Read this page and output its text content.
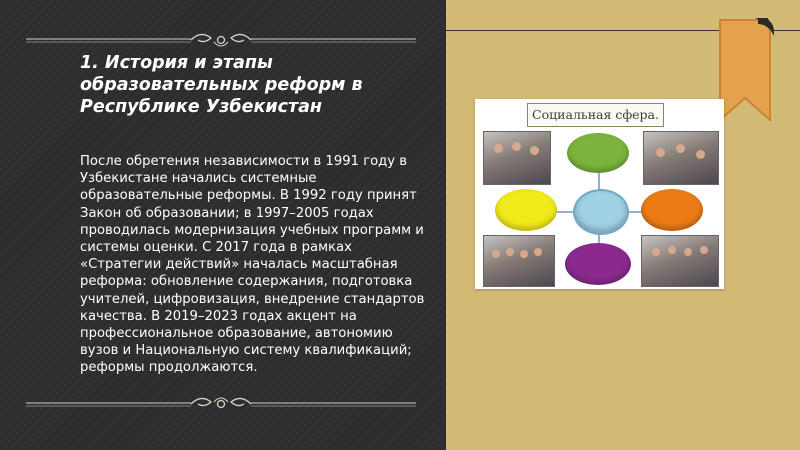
1. История и этапы образовательных реформ в Республике Узбекистан

После обретения независимости в 1991 году в Узбекистане начались системные образовательные реформы. В 1992 году принят Закон об образовании; в 1997–2005 годах проводилась модернизация учебных программ и системы оценки. С 2017 года в рамках «Стратегии действий» началась масштабная реформа: обновление содержания, подготовка учителей, цифровизация, внедрение стандартов качества. В 2019–2023 годах акцент на профессиональное образование, автономию вузов и Национальную систему квалификаций; реформы продолжаются.

Социальная сфера.
